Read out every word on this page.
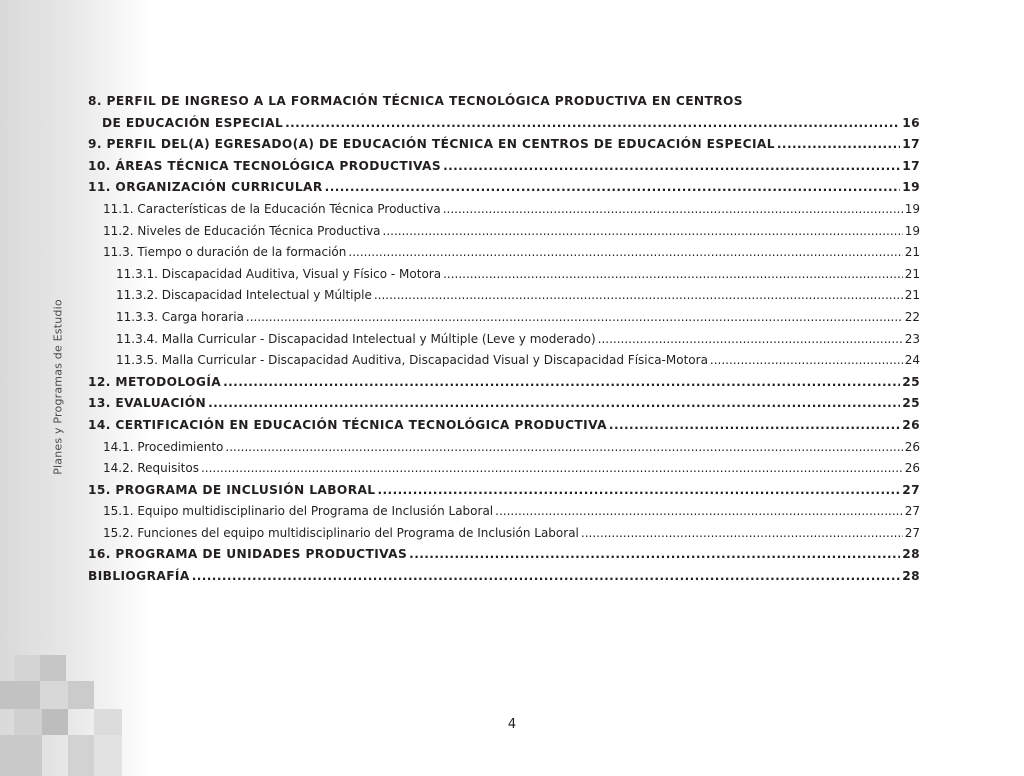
Planes y Programas de Estudio
8. PERFIL DE INGRESO A LA FORMACIÓN TÉCNICA TECNOLÓGICA PRODUCTIVA EN CENTROS
DE EDUCACIÓN ESPECIAL .....	16
9. PERFIL DEL(A) EGRESADO(A) DE EDUCACIÓN TÉCNICA EN CENTROS DE EDUCACIÓN ESPECIAL .....	17
10. ÁREAS TÉCNICA TECNOLÓGICA PRODUCTIVAS .....	17
11. ORGANIZACIÓN CURRICULAR .....	19
11.1. Características de la Educación Técnica Productiva .....	19
11.2. Niveles de Educación Técnica Productiva .....	19
11.3. Tiempo o duración de la formación .....	21
11.3.1. Discapacidad Auditiva, Visual y Físico - Motora .....	21
11.3.2. Discapacidad Intelectual y Múltiple .....	21
11.3.3. Carga horaria .....	22
11.3.4. Malla Curricular - Discapacidad Intelectual y Múltiple (Leve y moderado) .....	23
11.3.5. Malla Curricular - Discapacidad Auditiva, Discapacidad Visual y Discapacidad Física-Motora .....	24
12. METODOLOGÍA .....	25
13. EVALUACIÓN .....	25
14. CERTIFICACIÓN EN EDUCACIÓN TÉCNICA TECNOLÓGICA PRODUCTIVA .....	26
14.1. Procedimiento .....	26
14.2. Requisitos .....	26
15. PROGRAMA DE INCLUSIÓN LABORAL .....	27
15.1. Equipo multidisciplinario del Programa de Inclusión Laboral .....	27
15.2. Funciones del equipo multidisciplinario del Programa de Inclusión Laboral .....	27
16. PROGRAMA DE UNIDADES PRODUCTIVAS .....	28
BIBLIOGRAFÍA .....	28
4
